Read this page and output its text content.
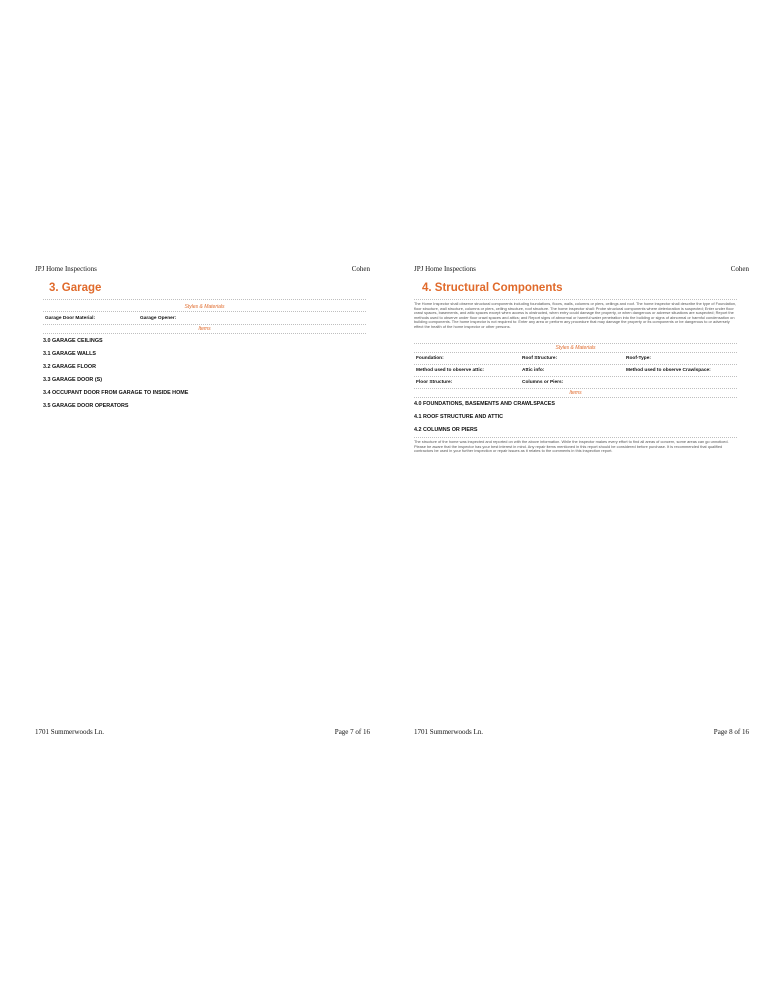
JPJ Home Inspections	Cohen
3. Garage
Styles & Materials
Garage Door Material:	Garage Opener:
Items
3.0 GARAGE CEILINGS
3.1 GARAGE WALLS
3.2 GARAGE FLOOR
3.3 GARAGE DOOR (S)
3.4 OCCUPANT DOOR FROM GARAGE TO INSIDE HOME
3.5 GARAGE DOOR OPERATORS
1701 Summerwoods Ln.	Page 7 of 16
JPJ Home Inspections	Cohen
4. Structural Components
The Home Inspector shall observe structural components including foundations, floors, walls, columns or piers, ceilings and roof. The home inspector shall describe the type of Foundation, floor structure, wall structure, columns or piers, ceiling structure, roof structure. The home inspector shall: Probe structural components where deterioration is suspected; Enter under floor crawl spaces, basements, and attic spaces except when access is obstructed, when entry could damage the property, or when dangerous or adverse situations are suspected; Report the methods used to observe under floor crawl spaces and attics; and Report signs of abnormal or harmful water penetration into the building or signs of abnormal or harmful condensation on building components. The home inspector is not required to: Enter any area or perform any procedure that may damage the property or its components or be dangerous to or adversely effect the health of the home inspector or other persons.
Styles & Materials
Foundation:	Roof Structure:	Roof-Type:
Method used to observe attic:	Attic info:	Method used to observe Crawlspace:
Floor Structure:	Columns or Piers:
Items
4.0 FOUNDATIONS, BASEMENTS AND CRAWLSPACES
4.1 ROOF STRUCTURE AND ATTIC
4.2 COLUMNS OR PIERS
The structure of the home was inspected and reported on with the above information. While the inspector makes every effort to find all areas of concern, some areas can go unnoticed. Please be aware that the inspector has your best interest in mind. Any repair items mentioned in this report should be considered before purchase. It is recommended that qualified contractors be used in your further inspection or repair issues as it relates to the comments in this inspection report.
1701 Summerwoods Ln.	Page 8 of 16
